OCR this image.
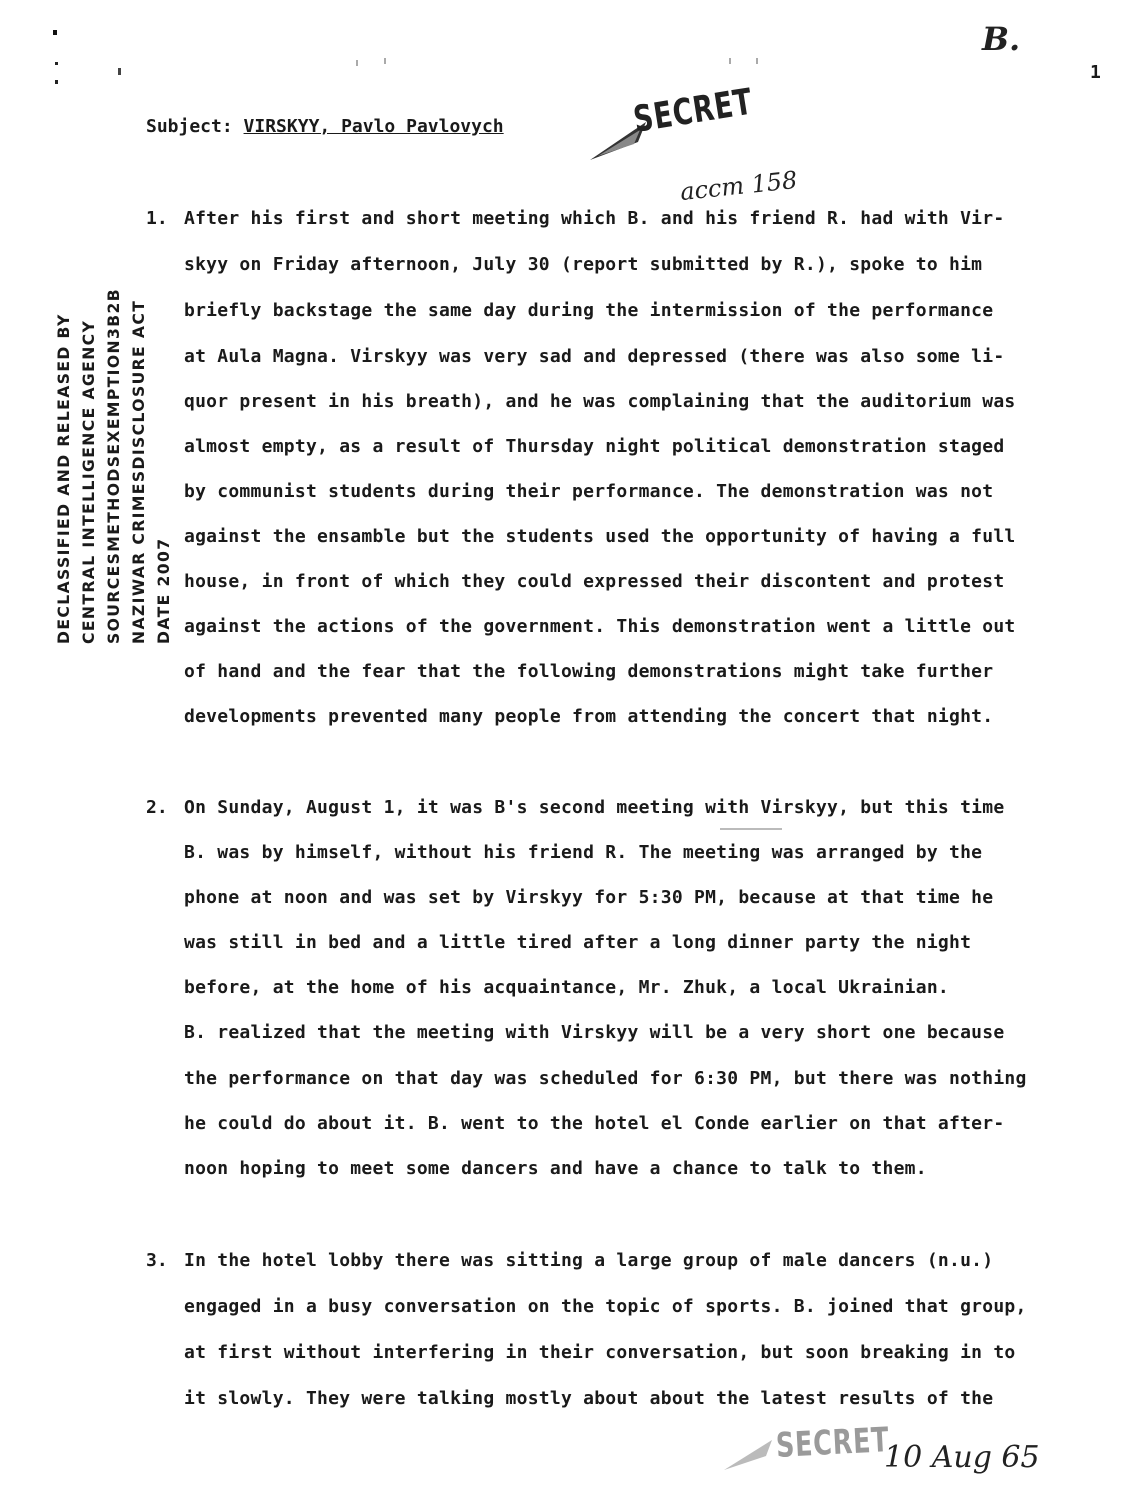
B.
1
Subject: VIRSKYY, Pavlo Pavlovych	SECRET
accm 158
DECLASSIFIED AND RELEASED BY CENTRAL INTELLIGENCE AGENCY SOURCESMETHODSEXEMPTION3B2B NAZIWAR CRIMESDISCLOSURE ACT DATE 2007
1. After his first and short meeting which B. and his friend R. had with Vir-
skyy on Friday afternoon, July 30 (report submitted by R.), spoke to him
briefly backstage the same day during the intermission of the performance
at Aula Magna. Virskyy was very sad and depressed (there was also some li-
quor present in his breath), and he was complaining that the auditorium was
almost empty, as a result of Thursday night political demonstration staged
by communist students during their performance. The demonstration was not
against the ensamble but the students used the opportunity of having a full
house, in front of which they could expressed their discontent and protest
against the actions of the government. This demonstration went a little out
of hand and the fear that the following demonstrations might take further
developments prevented many people from attending the concert that night.
2. On Sunday, August 1, it was B's second meeting with Virskyy, but this time
B. was by himself, without his friend R. The meeting was arranged by the
phone at noon and was set by Virskyy for 5:30 PM, because at that time he
was still in bed and a little tired after a long dinner party the night
before, at the home of his acquaintance, Mr. Zhuk, a local Ukrainian.
B. realized that the meeting with Virskyy will be a very short one because
the performance on that day was scheduled for 6:30 PM, but there was nothing
he could do about it. B. went to the hotel el Conde earlier on that after-
noon hoping to meet some dancers and have a chance to talk to them.
3. In the hotel lobby there was sitting a large group of male dancers (n.u.)
engaged in a busy conversation on the topic of sports. B. joined that group,
at first without interfering in their conversation, but soon breaking in to
it slowly. They were talking mostly about about the latest results of the
SECRET
10 Aug 65
